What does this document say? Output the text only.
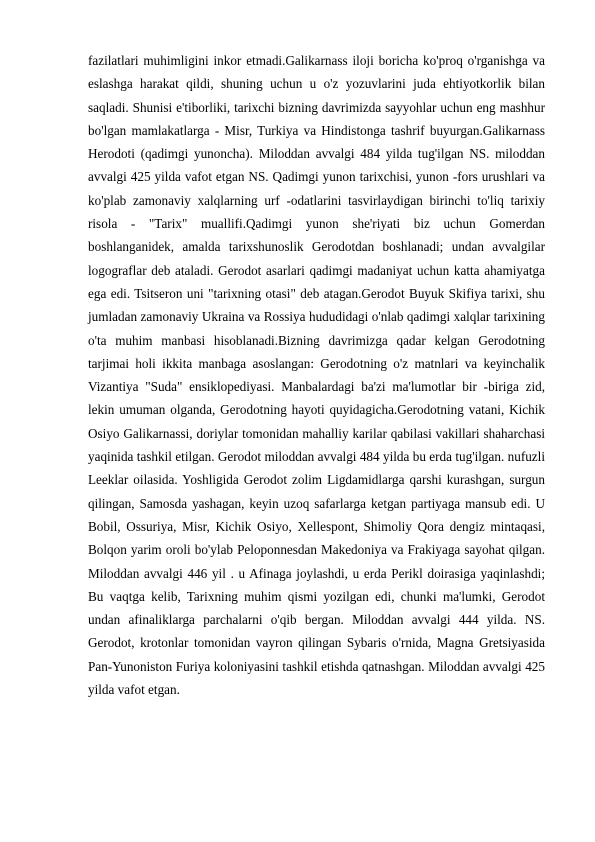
fazilatlari muhimligini inkor etmadi.Galikarnass iloji boricha ko'proq o'rganishga va eslashga harakat qildi, shuning uchun u o'z yozuvlarini juda ehtiyotkorlik bilan saqladi. Shunisi e'tiborliki, tarixchi bizning davrimizda sayyohlar uchun eng mashhur bo'lgan mamlakatlarga - Misr, Turkiya va Hindistonga tashrif buyurgan.Galikarnass Herodoti (qadimgi yunoncha). Miloddan avvalgi 484 yilda tug'ilgan NS. miloddan avvalgi 425 yilda vafot etgan NS. Qadimgi yunon tarixchisi, yunon -fors urushlari va ko'plab zamonaviy xalqlarning urf -odatlarini tasvirlaydigan birinchi to'liq tarixiy risola - "Tarix" muallifi.Qadimgi yunon she'riyati biz uchun Gomerdan boshlanganidek, amalda tarixshunoslik Gerodotdan boshlanadi; undan avvalgilar logograflar deb ataladi. Gerodot asarlari qadimgi madaniyat uchun katta ahamiyatga ega edi. Tsitseron uni "tarixning otasi" deb atagan.Gerodot Buyuk Skifiya tarixi, shu jumladan zamonaviy Ukraina va Rossiya hududidagi o'nlab qadimgi xalqlar tarixining o'ta muhim manbasi hisoblanadi.Bizning davrimizga qadar kelgan Gerodotning tarjimai holi ikkita manbaga asoslangan: Gerodotning o'z matnlari va keyinchalik Vizantiya "Suda" ensiklopediyasi. Manbalardagi ba'zi ma'lumotlar bir -biriga zid, lekin umuman olganda, Gerodotning hayoti quyidagicha.Gerodotning vatani, Kichik Osiyo Galikarnassi, doriylar tomonidan mahalliy karilar qabilasi vakillari shaharchasi yaqinida tashkil etilgan. Gerodot miloddan avvalgi 484 yilda bu erda tug'ilgan. nufuzli Leeklar oilasida. Yoshligida Gerodot zolim Ligdamidlarga qarshi kurashgan, surgun qilingan, Samosda yashagan, keyin uzoq safarlarga ketgan partiyaga mansub edi. U Bobil, Ossuriya, Misr, Kichik Osiyo, Xellespont, Shimoliy Qora dengiz mintaqasi, Bolqon yarim oroli bo'ylab Peloponnesdan Makedoniya va Frakiyaga sayohat qilgan. Miloddan avvalgi 446 yil . u Afinaga joylashdi, u erda Perikl doirasiga yaqinlashdi; Bu vaqtga kelib, Tarixning muhim qismi yozilgan edi, chunki ma'lumki, Gerodot undan afinaliklarga parchalarni o'qib bergan. Miloddan avvalgi 444 yilda. NS. Gerodot, krotonlar tomonidan vayron qilingan Sybaris o'rnida, Magna Gretsiyasida Pan-Yunoniston Furiya koloniyasini tashkil etishda qatnashgan. Miloddan avvalgi 425 yilda vafot etgan.
